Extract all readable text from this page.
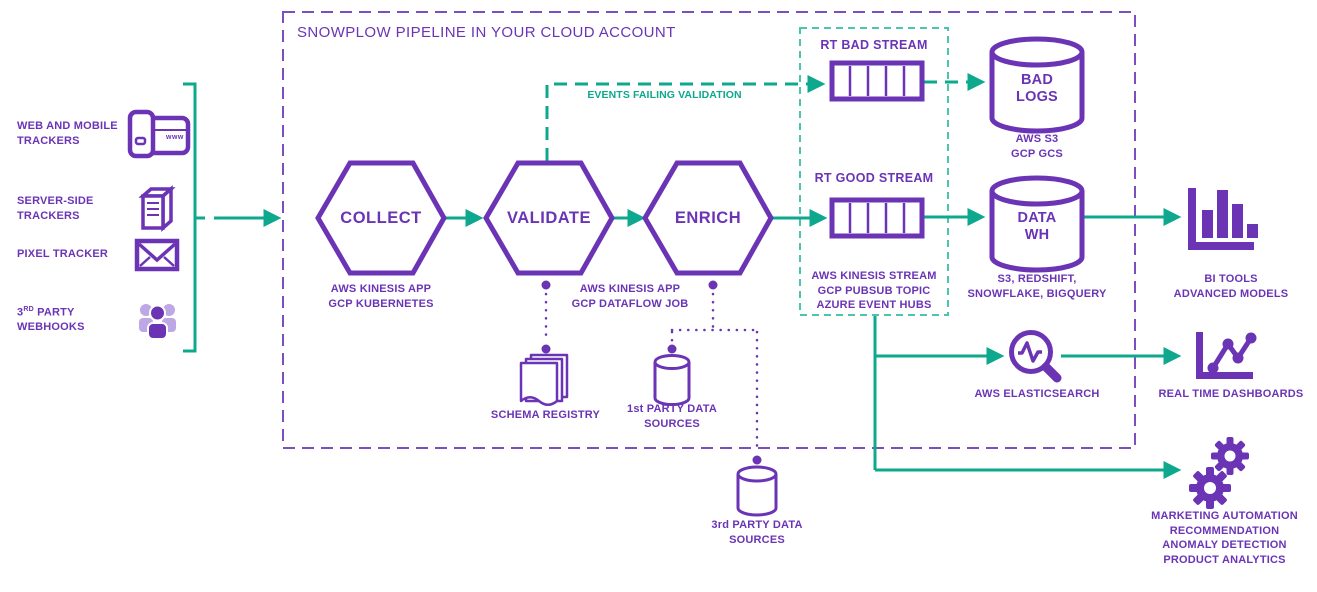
www
WEB AND MOBILE
TRACKERS
SERVER-SIDE
TRACKERS
PIXEL TRACKER
3RD PARTY
WEBHOOKS
SNOWPLOW PIPELINE IN YOUR CLOUD ACCOUNT
COLLECT	VALIDATE	ENRICH
AWS KINESIS APP
GCP KUBERNETES
AWS KINESIS APP
GCP DATAFLOW JOB
EVENTS FAILING VALIDATION
RT BAD STREAM
RT GOOD STREAM
AWS KINESIS STREAM
GCP PUBSUB TOPIC
AZURE EVENT HUBS
BAD
LOGS
AWS S3
GCP GCS
DATA
WH
S3, REDSHIFT,
SNOWFLAKE, BIGQUERY
BI TOOLS
ADVANCED MODELS
SCHEMA REGISTRY	1st PARTY DATA
SOURCES
3rd PARTY DATA
SOURCES
AWS ELASTICSEARCH	REAL TIME DASHBOARDS
MARKETING AUTOMATION
RECOMMENDATION
ANOMALY DETECTION
PRODUCT ANALYTICS
